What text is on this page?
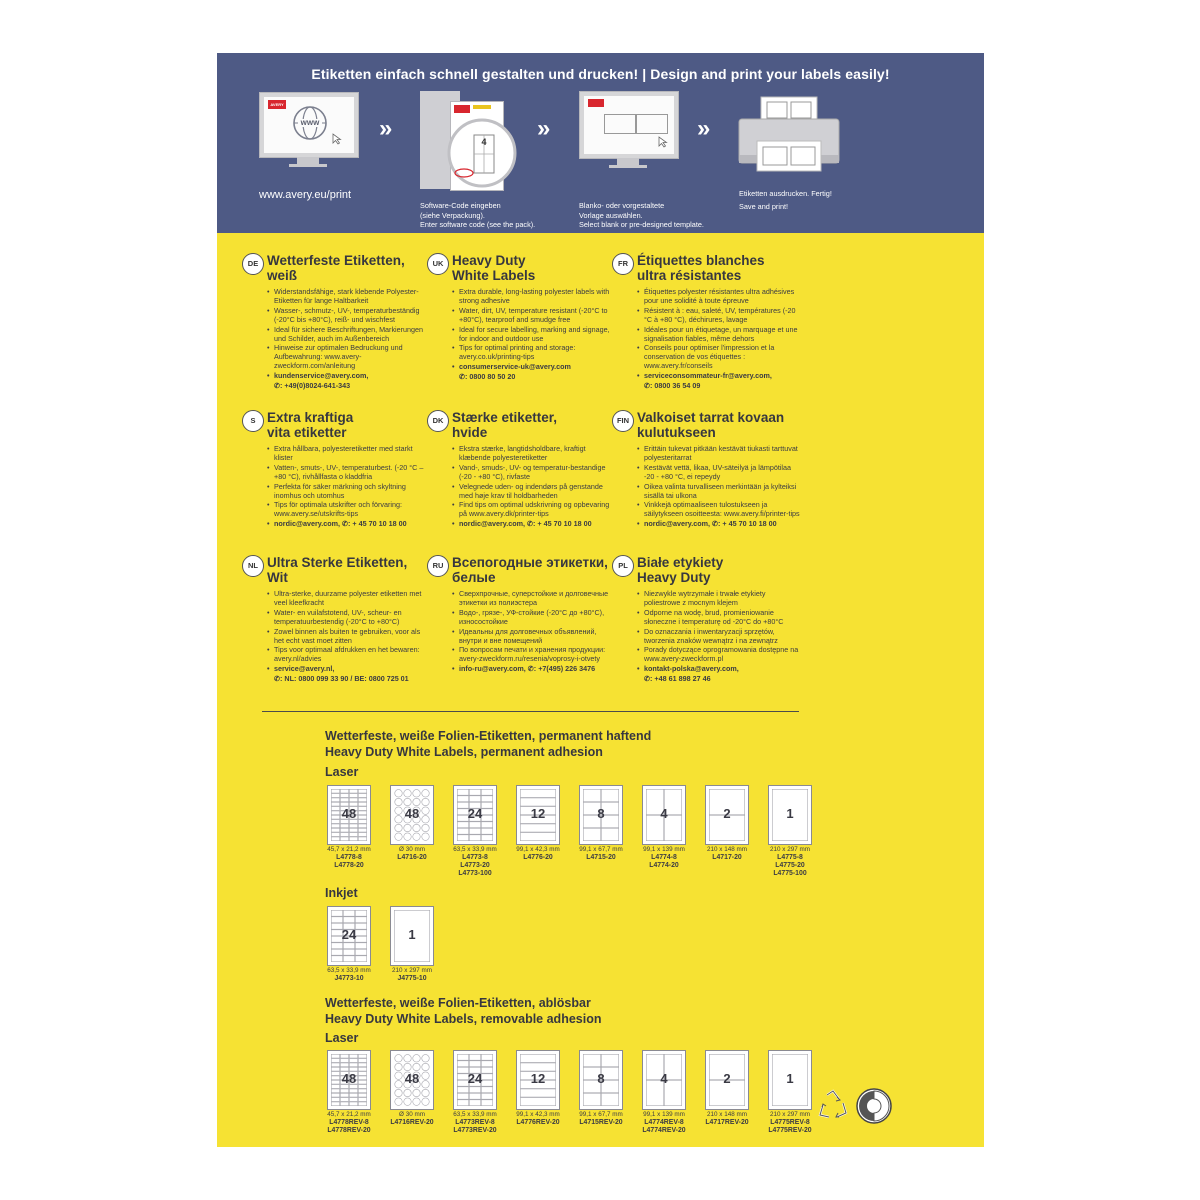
Etiketten einfach schnell gestalten und drucken! | Design and print your labels easily!
AVERY
www
www.avery.eu/print
»	4
Software-Code eingeben
(siehe Verpackung).
Enter software code (see the pack).
»
Blanko- oder vorgestaltete
Vorlage auswählen.
Select blank or pre-designed template.
»
Etiketten ausdrucken. Fertig!
Save and print!
DE Wetterfeste Etiketten,
weiß
• Widerstandsfähige, stark klebende Polyester-Etiketten für lange Haltbarkeit
• Wasser-, schmutz-, UV-, temperaturbeständig (-20°C bis +80°C), reiß- und wischfest
• Ideal für sichere Beschriftungen, Markierungen und Schilder, auch im Außenbereich
• Hinweise zur optimalen Bedruckung und Aufbewahrung: www.avery-zweckform.com/anleitung
• kundenservice@avery.com,
✆: +49(0)8024-641-343
UK Heavy Duty
White Labels
• Extra durable, long-lasting polyester labels with strong adhesive
• Water, dirt, UV, temperature resistant (-20°C to +80°C), tearproof and smudge free
• Ideal for secure labelling, marking and signage, for indoor and outdoor use
• Tips for optimal printing and storage: avery.co.uk/printing-tips
• consumerservice-uk@avery.com
✆: 0800 80 50 20
FR Étiquettes blanches
ultra résistantes
• Étiquettes polyester résistantes ultra adhésives pour une solidité à toute épreuve
• Résistent à : eau, saleté, UV, températures (-20 °C à +80 °C), déchirures, lavage
• Idéales pour un étiquetage, un marquage et une signalisation fiables, même dehors
• Conseils pour optimiser l'impression et la conservation de vos étiquettes : www.avery.fr/conseils
• serviceconsommateur-fr@avery.com,
✆: 0800 36 54 09
S Extra kraftiga
vita etiketter
• Extra hållbara, polyesteretiketter med starkt klister
• Vatten-, smuts-, UV-, temperaturbest. (-20 °C – +80 °C), rivhållfasta o kladdfria
• Perfekta för säker märkning och skyltning inomhus och utomhus
• Tips för optimala utskrifter och förvaring: www.avery.se/utskrifts-tips
• nordic@avery.com, ✆: + 45 70 10 18 00
DK Stærke etiketter,
hvide
• Ekstra stærke, langtidsholdbare, kraftigt klæbende polyesteretiketter
• Vand-, smuds-, UV- og temperatur-bestandige (-20 - +80 °C), rivfaste
• Velegnede uden- og indendørs på genstande med høje krav til holdbarheden
• Find tips om optimal udskrivning og opbevaring på www.avery.dk/printer-tips
• nordic@avery.com, ✆: + 45 70 10 18 00
FIN Valkoiset tarrat kovaan
kulutukseen
• Erittäin tukevat pitkään kestävät tiukasti tarttuvat polyesteritarrat
• Kestävät vettä, likaa, UV-säteilyä ja lämpötilaa -20 - +80 °C, ei repeydy
• Oikea valinta turvalliseen merkintään ja kylteiksi sisällä tai ulkona
• Vinkkejä optimaaliseen tulostukseen ja säilytykseen osoitteesta: www.avery.fi/printer-tips
• nordic@avery.com, ✆: + 45 70 10 18 00
NL Ultra Sterke Etiketten,
Wit
• Ultra-sterke, duurzame polyester etiketten met veel kleefkracht
• Water- en vuilafstotend, UV-, scheur- en temperatuurbestendig (-20°C to +80°C)
• Zowel binnen als buiten te gebruiken, voor als het echt vast moet zitten
• Tips voor optimaal afdrukken en het bewaren: avery.nl/advies
• service@avery.nl,
✆: NL: 0800 099 33 90 / BE: 0800 725 01
RU Всепогодные этикетки,
белые
• Сверхпрочные, суперстойкие и долговечные этикетки из полиэстера
• Водо-, грязе-, УФ-стойкие (-20°C до +80°C), износостойкие
• Идеальны для долговечных объявлений, внутри и вне помещений
• По вопросам печати и хранения продукции: avery-zweckform.ru/resenia/voprosy-i-otvety
• info-ru@avery.com, ✆: +7(495) 226 3476
PL Białe etykiety
Heavy Duty
• Niezwykle wytrzymałe i trwałe etykiety poliestrowe z mocnym klejem
• Odporne na wodę, brud, promieniowanie słoneczne i temperaturę od -20°C do +80°C
• Do oznaczania i inwentaryzacji sprzętów, tworzenia znaków wewnątrz i na zewnątrz
• Porady dotyczące oprogramowania dostępne na www.avery-zweckform.pl
• kontakt-polska@avery.com,
✆: +48 61 898 27 46
Wetterfeste, weiße Folien-Etiketten, permanent haftend
Heavy Duty White Labels, permanent adhesion
Laser
48
45,7 x 21,2 mm
L4778-8
L4778-20
48
Ø 30 mm
L4716-20
24
63,5 x 33,9 mm
L4773-8
L4773-20
L4773-100
12
99,1 x 42,3 mm
L4776-20
8
99,1 x 67,7 mm
L4715-20
4
99,1 x 139 mm
L4774-8
L4774-20
2
210 x 148 mm
L4717-20
1
210 x 297 mm
L4775-8
L4775-20
L4775-100
Inkjet
24
63,5 x 33,9 mm
J4773-10
1
210 x 297 mm
J4775-10
Wetterfeste, weiße Folien-Etiketten, ablösbar
Heavy Duty White Labels, removable adhesion
Laser
48
45,7 x 21,2 mm
L4778REV-8
L4778REV-20
48
Ø 30 mm
L4716REV-20
24
63,5 x 33,9 mm
L4773REV-8
L4773REV-20
12
99,1 x 42,3 mm
L4776REV-20
8
99,1 x 67,7 mm
L4715REV-20
4
99,1 x 139 mm
L4774REV-8
L4774REV-20
2
210 x 148 mm
L4717REV-20
1
210 x 297 mm
L4775REV-8
L4775REV-20
